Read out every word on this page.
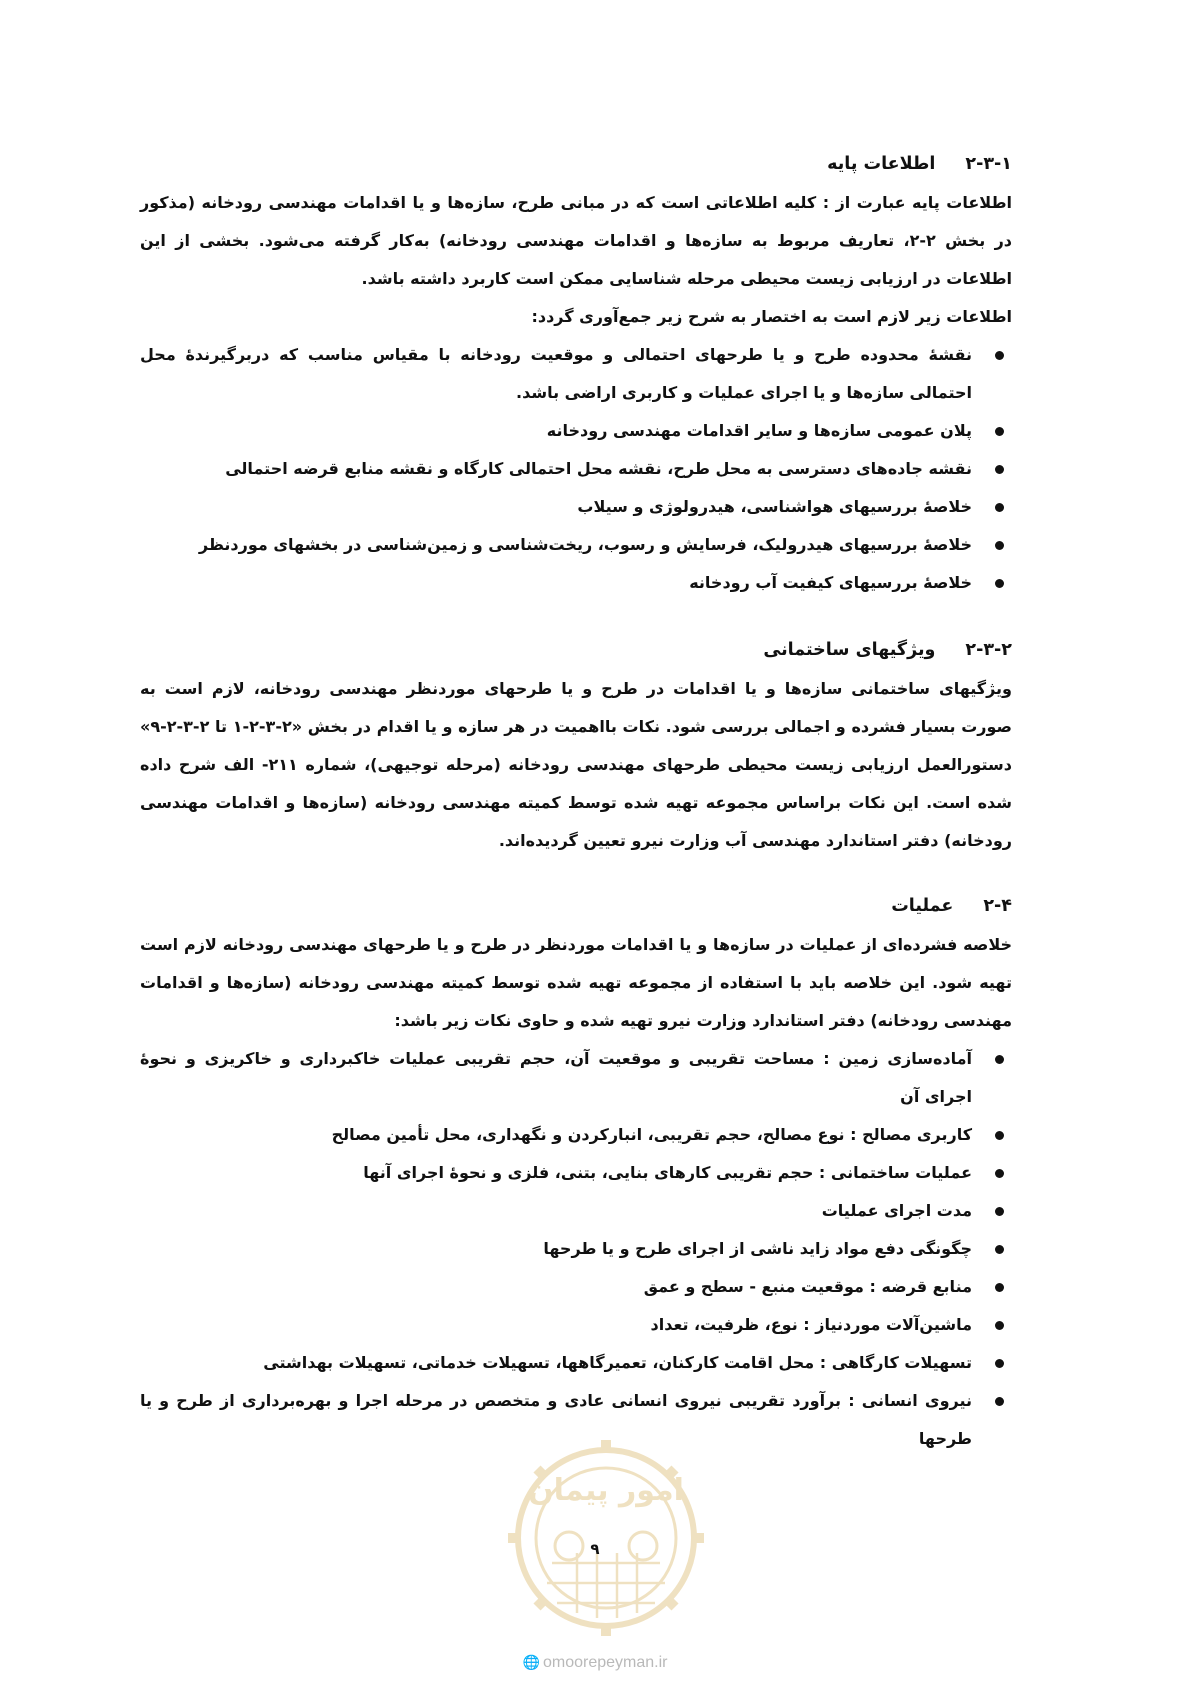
۲-۳-۱
اطلاعات پایه

اطلاعات پایه عبارت از : کلیه اطلاعاتی است که در مبانی طرح، سازه‌ها و یا اقدامات مهندسی رودخانه (مذکور در بخش ۲-۲، تعاریف مربوط به سازه‌ها و اقدامات مهندسی رودخانه) به‌کار گرفته می‌شود. بخشی از این اطلاعات در ارزیابی زیست محیطی مرحله شناسایی ممکن است کاربرد داشته باشد.

اطلاعات زیر لازم است به اختصار به شرح زیر جمع‌آوری گردد:

نقشهٔ محدوده طرح و یا طرحهای احتمالی و موقعیت رودخانه با مقیاس مناسب که دربرگیرندهٔ محل احتمالی سازه‌ها و یا اجرای عملیات و کاربری اراضی باشد.
پلان عمومی سازه‌ها و سایر اقدامات مهندسی رودخانه
نقشه جاده‌های دسترسی به محل طرح، نقشه محل احتمالی کارگاه و نقشه منابع قرضه احتمالی
خلاصهٔ بررسیهای هواشناسی، هیدرولوژی و سیلاب
خلاصهٔ بررسیهای هیدرولیک، فرسایش و رسوب، ریخت‌شناسی و زمین‌شناسی در بخشهای موردنظر
خلاصهٔ بررسیهای کیفیت آب رودخانه
۲-۳-۲
ویژگیهای ساختمانی

ویژگیهای ساختمانی سازه‌ها و یا اقدامات در طرح و یا طرحهای موردنظر مهندسی رودخانه، لازم است به صورت بسیار فشرده و اجمالی بررسی شود. نکات بااهمیت در هر سازه و یا اقدام در بخش «۲-۳-۲-۱ تا ۲-۳-۲-۹» دستورالعمل ارزیابی زیست محیطی طرحهای مهندسی رودخانه (مرحله توجیهی)، شماره ۲۱۱- الف شرح داده شده است. این نکات براساس مجموعه تهیه شده توسط کمیته مهندسی رودخانه (سازه‌ها و اقدامات مهندسی رودخانه) دفتر استاندارد مهندسی آب وزارت نیرو تعیین گردیده‌اند.

۲-۴
عملیات

خلاصه فشرده‌ای از عملیات در سازه‌ها و یا اقدامات موردنظر در طرح و یا طرحهای مهندسی رودخانه لازم است تهیه شود. این خلاصه باید با استفاده از مجموعه تهیه شده توسط کمیته مهندسی رودخانه (سازه‌ها و اقدامات مهندسی رودخانه) دفتر استاندارد وزارت نیرو تهیه شده و حاوی نکات زیر باشد:

آماده‌سازی زمین : مساحت تقریبی و موقعیت آن، حجم تقریبی عملیات خاکبرداری و خاکریزی و نحوهٔ اجرای آن
کاربری مصالح : نوع مصالح، حجم تقریبی، انبارکردن و نگهداری، محل تأمین مصالح
عملیات ساختمانی : حجم تقریبی کارهای بنایی، بتنی، فلزی و نحوهٔ اجرای آنها
مدت اجرای عملیات
چگونگی دفع مواد زاید ناشی از اجرای طرح و یا طرحها
منابع قرضه : موقعیت منبع - سطح و عمق
ماشین‌آلات موردنیاز : نوع، ظرفیت، تعداد
تسهیلات کارگاهی : محل اقامت کارکنان، تعمیرگاهها، تسهیلات خدماتی، تسهیلات بهداشتی
نیروی انسانی : برآورد تقریبی نیروی انسانی عادی و متخصص در مرحله اجرا و بهره‌برداری از طرح و یا طرحها
امور پیمان
۹
🌐 omoorepeyman.ir
